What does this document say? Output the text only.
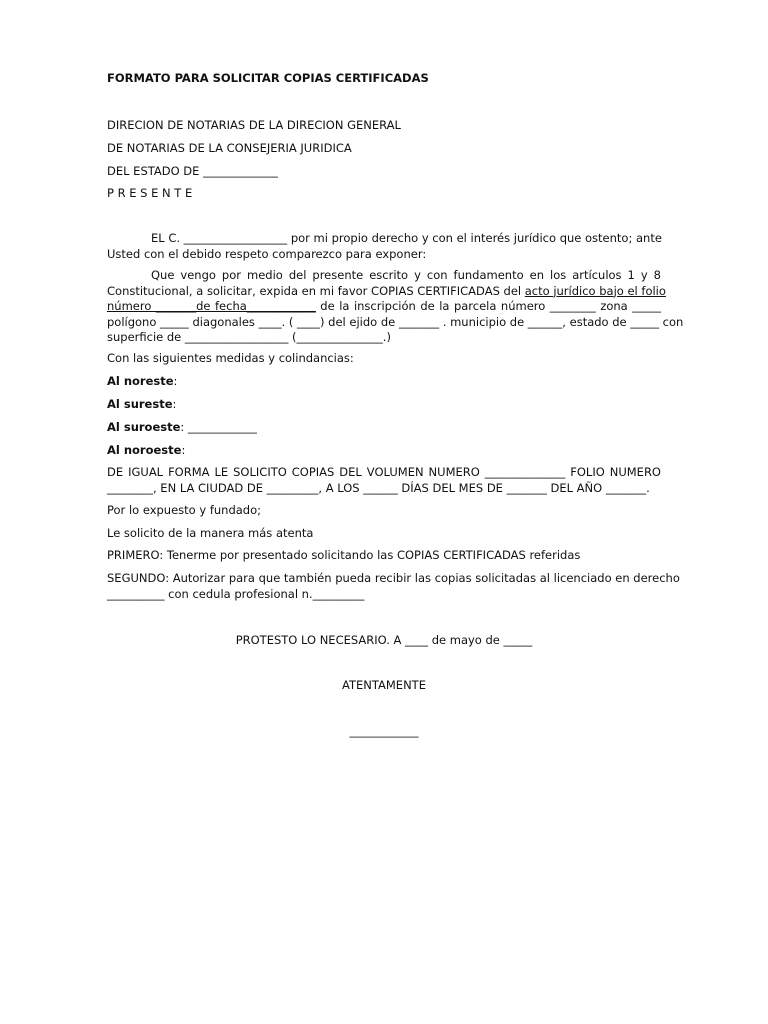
FORMATO PARA SOLICITAR COPIAS CERTIFICADAS
DIRECION DE NOTARIAS DE LA DIRECION GENERAL
DE NOTARIAS DE LA CONSEJERIA JURIDICA
DEL ESTADO DE _____________
P R E S E N T E
EL C. __________________ por mi propio derecho y con el interés jurídico que ostento; ante
Usted con el debido respeto comparezco para exponer:
Que vengo por medio del presente escrito y con fundamento en los artículos 1 y 8
Constitucional, a solicitar, expida en mi favor COPIAS CERTIFICADAS del acto jurídico bajo el folio
número _______de fecha____________ de la inscripción de la parcela número ________ zona _____
polígono _____ diagonales ____. ( ____) del ejido de _______ . municipio de ______, estado de _____ con
superficie de __________________ (_______________.)
Con las siguientes medidas y colindancias:
Al noreste:
Al sureste:
Al suroeste: ____________
Al noroeste:
DE IGUAL FORMA LE SOLICITO COPIAS DEL VOLUMEN NUMERO ______________ FOLIO NUMERO
________, EN LA CIUDAD DE _________, A LOS ______ DÍAS DEL MES DE _______ DEL AÑO _______.
Por lo expuesto y fundado;
Le solicito de la manera más atenta
PRIMERO: Tenerme por presentado solicitando las COPIAS CERTIFICADAS referidas
SEGUNDO: Autorizar para que también pueda recibir las copias solicitadas al licenciado en derecho
__________ con cedula profesional n._________
PROTESTO LO NECESARIO. A ____ de mayo de _____
ATENTAMENTE
____________
